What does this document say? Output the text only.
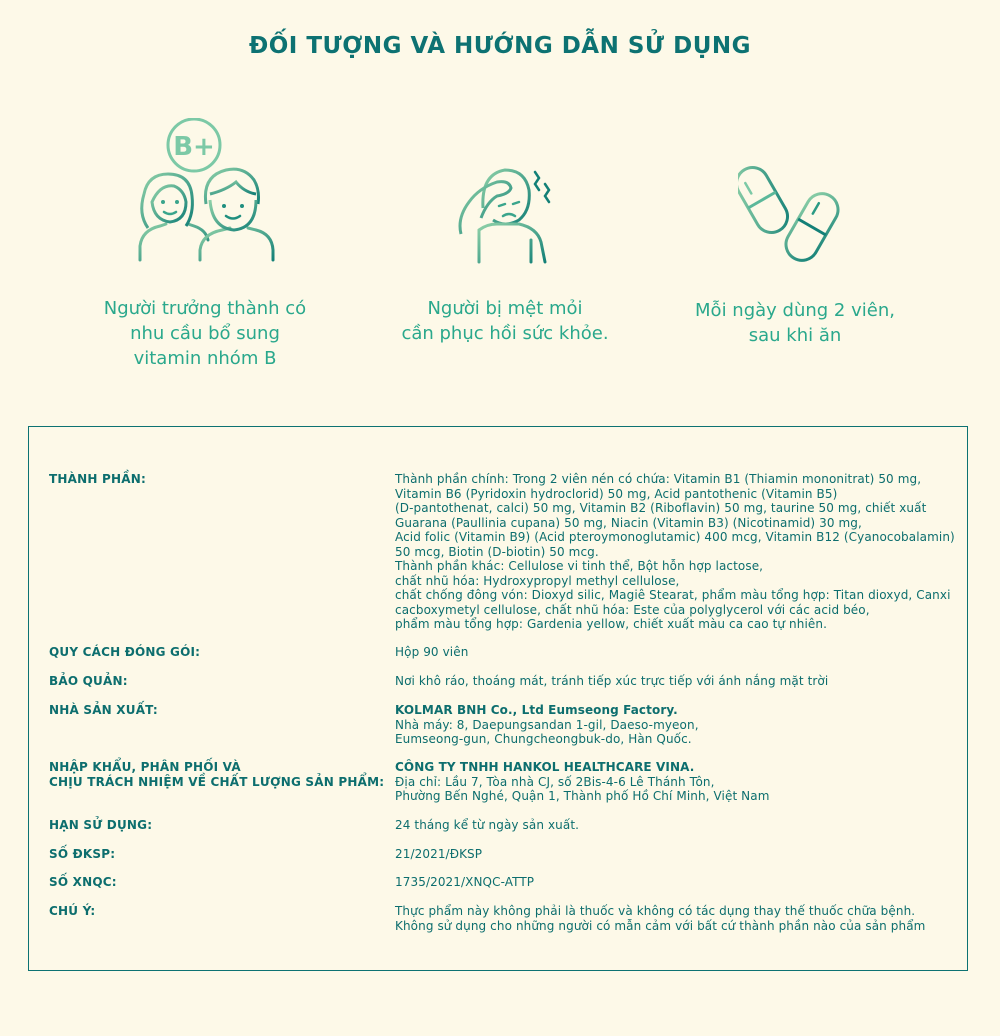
ĐỐI TƯỢNG VÀ HƯỚNG DẪN SỬ DỤNG
B+
Người trưởng thành có
nhu cầu bổ sung
vitamin nhóm B
Người bị mệt mỏi
cần phục hồi sức khỏe.
Mỗi ngày dùng 2 viên,
sau khi ăn
THÀNH PHẦN:	Thành phần chính: Trong 2 viên nén có chứa: Vitamin B1 (Thiamin mononitrat) 50 mg,
Vitamin B6 (Pyridoxin hydroclorid) 50 mg, Acid pantothenic (Vitamin B5)
(D-pantothenat, calci) 50 mg, Vitamin B2 (Riboflavin) 50 mg, taurine 50 mg, chiết xuất
Guarana (Paullinia cupana) 50 mg, Niacin (Vitamin B3) (Nicotinamid) 30 mg,
Acid folic (Vitamin B9) (Acid pteroymonoglutamic) 400 mcg, Vitamin B12 (Cyanocobalamin)
50 mcg, Biotin (D-biotin) 50 mcg.
Thành phần khác: Cellulose vi tinh thể, Bột hỗn hợp lactose,
chất nhũ hóa: Hydroxypropyl methyl cellulose,
chất chống đông vón: Dioxyd silic, Magiê Stearat, phẩm màu tổng hợp: Titan dioxyd, Canxi
cacboxymetyl cellulose, chất nhũ hóa: Este của polyglycerol với các acid béo,
phẩm màu tổng hợp: Gardenia yellow, chiết xuất màu ca cao tự nhiên.
QUY CÁCH ĐÓNG GÓI:	Hộp 90 viên
BẢO QUẢN:	Nơi khô ráo, thoáng mát, tránh tiếp xúc trực tiếp với ánh nắng mặt trời
NHÀ SẢN XUẤT:	KOLMAR BNH Co., Ltd Eumseong Factory.
Nhà máy: 8, Daepungsandan 1-gil, Daeso-myeon,
Eumseong-gun, Chungcheongbuk-do, Hàn Quốc.
NHẬP KHẨU, PHÂN PHỐI VÀ
CHỊU TRÁCH NHIỆM VỀ CHẤT LƯỢNG SẢN PHẨM:
CÔNG TY TNHH HANKOL HEALTHCARE VINA.
Địa chỉ: Lầu 7, Tòa nhà CJ, số 2Bis-4-6 Lê Thánh Tôn,
Phường Bến Nghé, Quận 1, Thành phố Hồ Chí Minh, Việt Nam
HẠN SỬ DỤNG:	24 tháng kể từ ngày sản xuất.
SỐ ĐKSP:	21/2021/ĐKSP
SỐ XNQC:	1735/2021/XNQC-ATTP
CHÚ Ý:	Thực phẩm này không phải là thuốc và không có tác dụng thay thế thuốc chữa bệnh.
Không sử dụng cho những người có mẫn cảm với bất cứ thành phần nào của sản phẩm
